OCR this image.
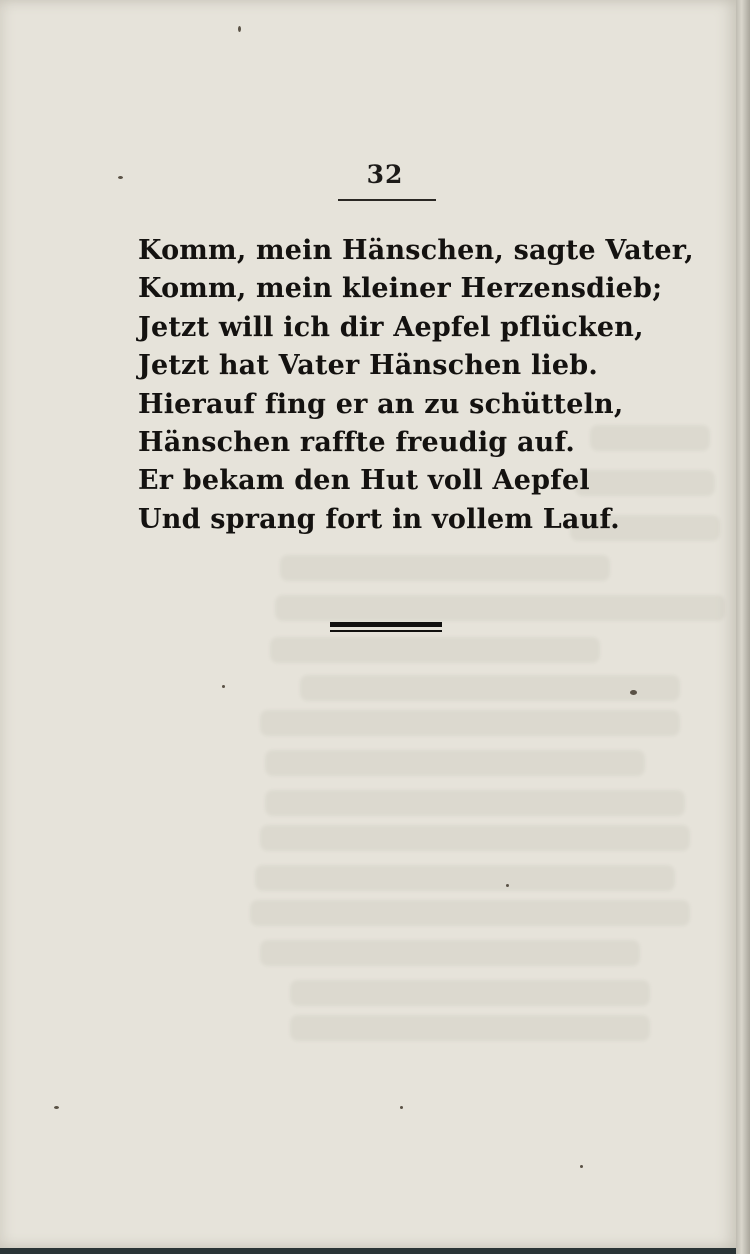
32
Komm, mein Hänschen, sagte Vater,
Komm, mein kleiner Herzensdieb;
Jetzt will ich dir Aepfel pflücken,
Jetzt hat Vater Hänschen lieb.
Hierauf fing er an zu schütteln,
Hänschen raffte freudig auf.
Er bekam den Hut voll Aepfel
Und sprang fort in vollem Lauf.
